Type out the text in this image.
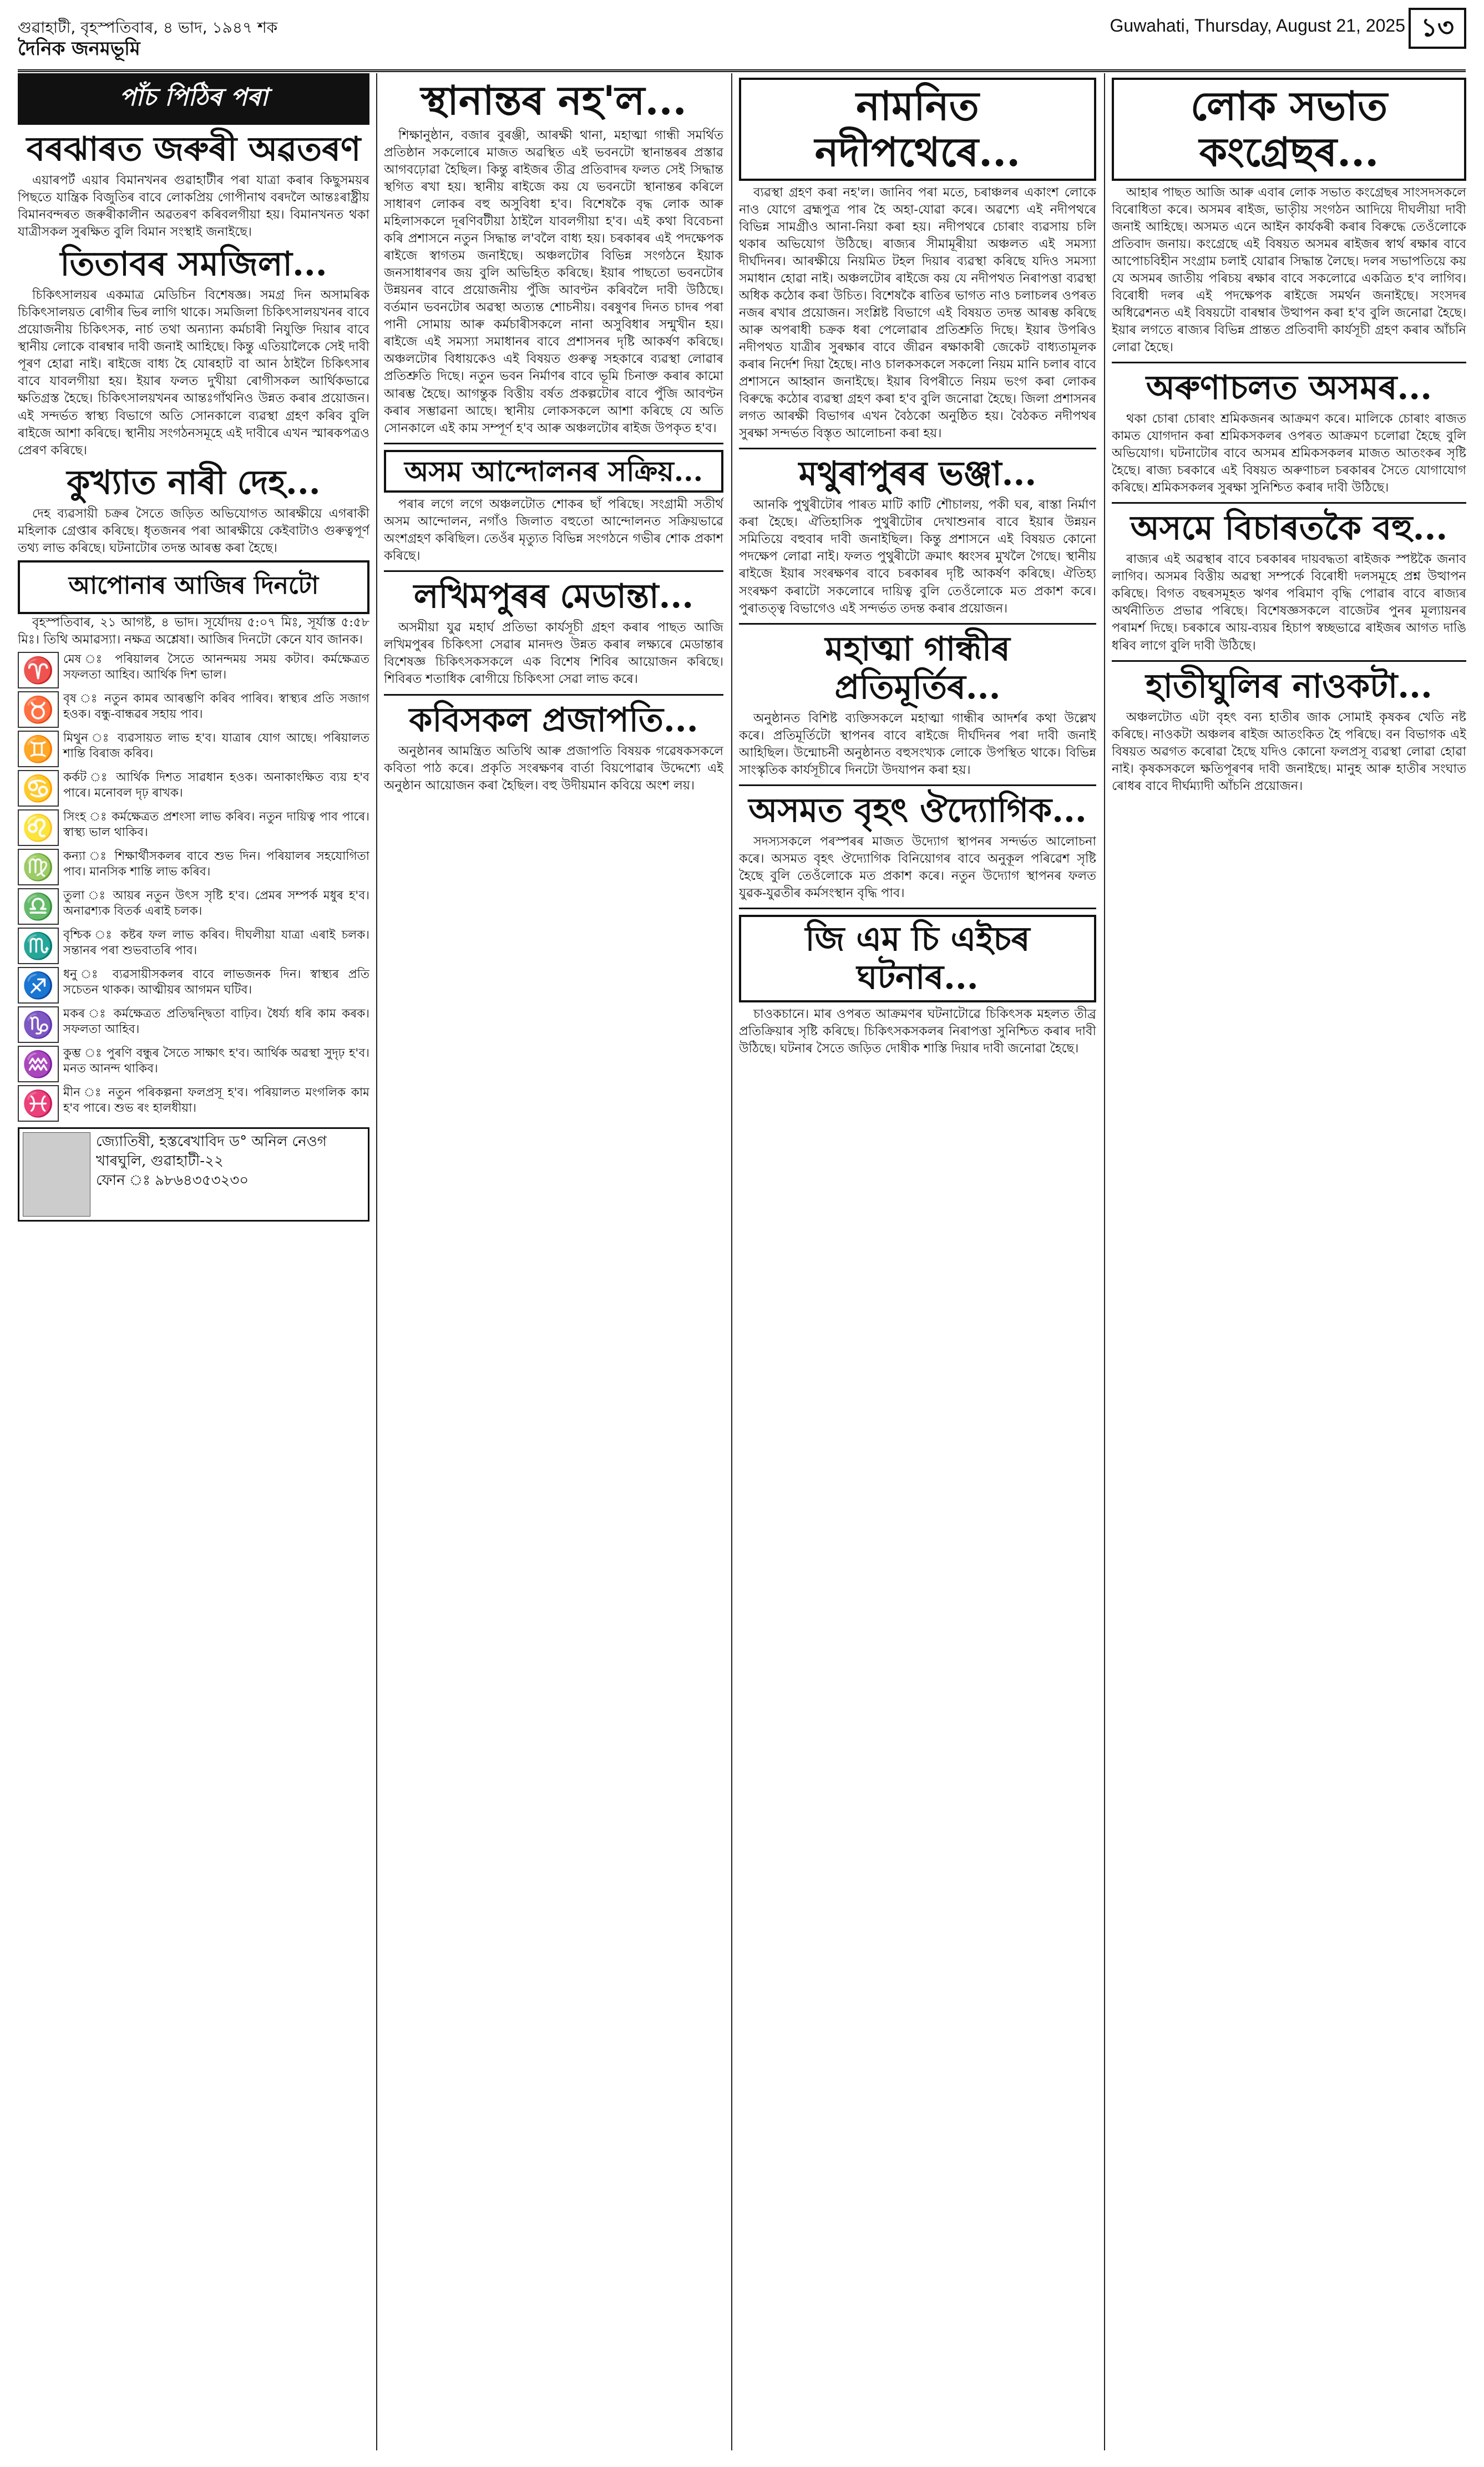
গুৱাহাটী, বৃহস্পতিবাৰ, ৪ ভাদ, ১৯৪৭ শক	Guwahati, Thursday, August 21, 2025 ১৩
দৈনিক জনমভূমি
পাঁচ পিঠিৰ পৰা
বৰঝাৰত জৰুৰী অৱতৰণ

এয়াৰপৰ্ট এয়াৰ বিমানখনৰ গুৱাহাটীৰ পৰা যাত্ৰা কৰাৰ কিছুসময়ৰ পিছতে যান্ত্ৰিক বিজুতিৰ বাবে লোকপ্ৰিয় গোপীনাথ বৰদলৈ আন্তঃৰাষ্ট্ৰীয় বিমানবন্দৰত জৰুৰীকালীন অৱতৰণ কৰিবলগীয়া হয়। বিমানখনত থকা যাত্ৰীসকল সুৰক্ষিত বুলি বিমান সংস্থাই জনাইছে।

তিতাবৰ সমজিলা...

চিকিৎসালয়ৰ একমাত্ৰ মেডিচিন বিশেষজ্ঞ। সমগ্ৰ দিন অসামৰিক চিকিৎসালয়ত ৰোগীৰ ভিৰ লাগি থাকে। সমজিলা চিকিৎসালয়খনৰ বাবে প্ৰয়োজনীয় চিকিৎসক, নাৰ্চ তথা অন্যান্য কৰ্মচাৰী নিযুক্তি দিয়াৰ বাবে স্থানীয় লোকে বাৰম্বাৰ দাবী জনাই আহিছে। কিন্তু এতিয়ালৈকে সেই দাবী পূৰণ হোৱা নাই। ৰাইজে বাধ্য হৈ যোৰহাট বা আন ঠাইলৈ চিকিৎসাৰ বাবে যাবলগীয়া হয়। ইয়াৰ ফলত দুখীয়া ৰোগীসকল আৰ্থিকভাৱে ক্ষতিগ্ৰস্ত হৈছে। চিকিৎসালয়খনৰ আন্তঃগাঁথনিও উন্নত কৰাৰ প্ৰয়োজন। এই সন্দৰ্ভত স্বাস্থ্য বিভাগে অতি সোনকালে ব্যৱস্থা গ্ৰহণ কৰিব বুলি ৰাইজে আশা কৰিছে। স্থানীয় সংগঠনসমূহে এই দাবীৰে এখন স্মাৰকপত্ৰও প্ৰেৰণ কৰিছে।

কুখ্যাত নাৰী দেহ...

দেহ ব্যৱসায়ী চক্ৰৰ সৈতে জড়িত অভিযোগত আৰক্ষীয়ে এগৰাকী মহিলাক গ্ৰেপ্তাৰ কৰিছে। ধৃতজনৰ পৰা আৰক্ষীয়ে কেইবাটাও গুৰুত্বপূৰ্ণ তথ্য লাভ কৰিছে। ঘটনাটোৰ তদন্ত আৰম্ভ কৰা হৈছে।

আপোনাৰ আজিৰ দিনটো

বৃহস্পতিবাৰ, ২১ আগষ্ট, ৪ ভাদ। সূৰ্যোদয় ৫:০৭ মিঃ, সূৰ্যাস্ত ৫:৫৮ মিঃ। তিথি অমাৱস্যা। নক্ষত্ৰ অশ্লেষা। আজিৰ দিনটো কেনে যাব জানক।

♈ মেষ ঃ পৰিয়ালৰ সৈতে আনন্দময় সময় কটাব। কৰ্মক্ষেত্ৰত সফলতা আহিব। আৰ্থিক দিশ ভাল।
♉ বৃষ ঃ নতুন কামৰ আৰম্ভণি কৰিব পাৰিব। স্বাস্থ্যৰ প্ৰতি সজাগ হওক। বন্ধু-বান্ধৱৰ সহায় পাব।
♊ মিথুন ঃ ব্যৱসায়ত লাভ হ'ব। যাত্ৰাৰ যোগ আছে। পৰিয়ালত শান্তি বিৰাজ কৰিব।
♋ কৰ্কট ঃ আৰ্থিক দিশত সাৱধান হওক। অনাকাংক্ষিত ব্যয় হ'ব পাৰে। মনোবল দৃঢ় ৰাখক।
♌ সিংহ ঃ কৰ্মক্ষেত্ৰত প্ৰশংসা লাভ কৰিব। নতুন দায়িত্ব পাব পাৰে। স্বাস্থ্য ভাল থাকিব।
♍ কন্যা ঃ শিক্ষাৰ্থীসকলৰ বাবে শুভ দিন। পৰিয়ালৰ সহযোগিতা পাব। মানসিক শান্তি লাভ কৰিব।
♎ তুলা ঃ আয়ৰ নতুন উৎস সৃষ্টি হ'ব। প্ৰেমৰ সম্পৰ্ক মধুৰ হ'ব। অনাৱশ্যক বিতৰ্ক এৰাই চলক।
♏ বৃশ্চিক ঃ কষ্টৰ ফল লাভ কৰিব। দীঘলীয়া যাত্ৰা এৰাই চলক। সন্তানৰ পৰা শুভবাতৰি পাব।
♐ ধনু ঃ ব্যৱসায়ীসকলৰ বাবে লাভজনক দিন। স্বাস্থ্যৰ প্ৰতি সচেতন থাকক। আত্মীয়ৰ আগমন ঘটিব।
♑ মকৰ ঃ কৰ্মক্ষেত্ৰত প্ৰতিদ্বন্দ্বিতা বাঢ়িব। ধৈৰ্য্য ধৰি কাম কৰক। সফলতা আহিব।
♒ কুম্ভ ঃ পুৰণি বন্ধুৰ সৈতে সাক্ষাৎ হ'ব। আৰ্থিক অৱস্থা সুদৃঢ় হ'ব। মনত আনন্দ থাকিব।
♓ মীন ঃ নতুন পৰিকল্পনা ফলপ্ৰসূ হ'ব। পৰিয়ালত মংগলিক কাম হ'ব পাৰে। শুভ ৰং হালধীয়া।
জ্যোতিষী, হস্তৰেখাবিদ ড° অনিল নেওগ
খাৰঘুলি, গুৱাহাটী-২২
ফোন ঃ ৯৮৬৪৩৫৩২৩০
স্থানান্তৰ নহ'ল...

শিক্ষানুষ্ঠান, বজাৰ বুৰঞ্জী, আৰক্ষী থানা, মহাত্মা গান্ধী সমৰ্থিত প্ৰতিষ্ঠান সকলোৰে মাজত অৱস্থিত এই ভবনটো স্থানান্তৰৰ প্ৰস্তাৱ আগবঢ়োৱা হৈছিল। কিন্তু ৰাইজৰ তীব্ৰ প্ৰতিবাদৰ ফলত সেই সিদ্ধান্ত স্থগিত ৰখা হয়। স্থানীয় ৰাইজে কয় যে ভবনটো স্থানান্তৰ কৰিলে সাধাৰণ লোকৰ বহু অসুবিধা হ'ব। বিশেষকৈ বৃদ্ধ লোক আৰু মহিলাসকলে দূৰণিবটীয়া ঠাইলৈ যাবলগীয়া হ'ব। এই কথা বিবেচনা কৰি প্ৰশাসনে নতুন সিদ্ধান্ত ল'বলৈ বাধ্য হয়। চৰকাৰৰ এই পদক্ষেপক ৰাইজে স্বাগতম জনাইছে। অঞ্চলটোৰ বিভিন্ন সংগঠনে ইয়াক জনসাধাৰণৰ জয় বুলি অভিহিত কৰিছে। ইয়াৰ পাছতো ভবনটোৰ উন্নয়নৰ বাবে প্ৰয়োজনীয় পুঁজি আবণ্টন কৰিবলৈ দাবী উঠিছে। বৰ্তমান ভবনটোৰ অৱস্থা অত্যন্ত শোচনীয়। বৰষুণৰ দিনত চাদৰ পৰা পানী সোমায় আৰু কৰ্মচাৰীসকলে নানা অসুবিধাৰ সন্মুখীন হয়। ৰাইজে এই সমস্যা সমাধানৰ বাবে প্ৰশাসনৰ দৃষ্টি আকৰ্ষণ কৰিছে। অঞ্চলটোৰ বিধায়কেও এই বিষয়ত গুৰুত্ব সহকাৰে ব্যৱস্থা লোৱাৰ প্ৰতিশ্ৰুতি দিছে। নতুন ভবন নিৰ্মাণৰ বাবে ভূমি চিনাক্ত কৰাৰ কামো আৰম্ভ হৈছে। আগন্তুক বিত্তীয় বৰ্ষত প্ৰকল্পটোৰ বাবে পুঁজি আবণ্টন কৰাৰ সম্ভাৱনা আছে। স্থানীয় লোকসকলে আশা কৰিছে যে অতি সোনকালে এই কাম সম্পূৰ্ণ হ'ব আৰু অঞ্চলটোৰ ৰাইজ উপকৃত হ'ব।

অসম আন্দোলনৰ সক্ৰিয়...

পৰাৰ লগে লগে অঞ্চলটোত শোকৰ ছাঁ পৰিছে। সংগ্ৰামী সতীৰ্থ অসম আন্দোলন, নগাঁও জিলাত বহুতো আন্দোলনত সক্ৰিয়ভাৱে অংশগ্ৰহণ কৰিছিল। তেওঁৰ মৃত্যুত বিভিন্ন সংগঠনে গভীৰ শোক প্ৰকাশ কৰিছে।

লখিমপুৰৰ মেডান্তা...

অসমীয়া যুৱ মহাৰ্ঘ প্ৰতিভা কাৰ্যসূচী গ্ৰহণ কৰাৰ পাছত আজি লখিমপুৰৰ চিকিৎসা সেৱাৰ মানদণ্ড উন্নত কৰাৰ লক্ষ্যৰে মেডান্তাৰ বিশেষজ্ঞ চিকিৎসকসকলে এক বিশেষ শিবিৰ আয়োজন কৰিছে। শিবিৰত শতাধিক ৰোগীয়ে চিকিৎসা সেৱা লাভ কৰে।

কবিসকল প্ৰজাপতি...

অনুষ্ঠানৰ আমন্ত্ৰিত অতিথি আৰু প্ৰজাপতি বিষয়ক গৱেষকসকলে কবিতা পাঠ কৰে। প্ৰকৃতি সংৰক্ষণৰ বাৰ্তা বিয়পোৱাৰ উদ্দেশ্যে এই অনুষ্ঠান আয়োজন কৰা হৈছিল। বহু উদীয়মান কবিয়ে অংশ লয়।

নামনিত নদীপথেৰে...

ব্যৱস্থা গ্ৰহণ কৰা নহ'ল। জানিব পৰা মতে, চৰাঞ্চলৰ একাংশ লোকে নাও যোগে ব্ৰহ্মপুত্ৰ পাৰ হৈ অহা-যোৱা কৰে। অৱশ্যে এই নদীপথৰে বিভিন্ন সামগ্ৰীও আনা-নিয়া কৰা হয়। নদীপথৰে চোৰাং ব্যৱসায় চলি থকাৰ অভিযোগ উঠিছে। ৰাজ্যৰ সীমামূৰীয়া অঞ্চলত এই সমস্যা দীৰ্ঘদিনৰ। আৰক্ষীয়ে নিয়মিত টহল দিয়াৰ ব্যৱস্থা কৰিছে যদিও সমস্যা সমাধান হোৱা নাই। অঞ্চলটোৰ ৰাইজে কয় যে নদীপথত নিৰাপত্তা ব্যৱস্থা অধিক কঠোৰ কৰা উচিত। বিশেষকৈ ৰাতিৰ ভাগত নাও চলাচলৰ ওপৰত নজৰ ৰখাৰ প্ৰয়োজন। সংশ্লিষ্ট বিভাগে এই বিষয়ত তদন্ত আৰম্ভ কৰিছে আৰু অপৰাধী চক্ৰক ধৰা পেলোৱাৰ প্ৰতিশ্ৰুতি দিছে। ইয়াৰ উপৰিও নদীপথত যাত্ৰীৰ সুৰক্ষাৰ বাবে জীৱন ৰক্ষাকাৰী জেকেট বাধ্যতামূলক কৰাৰ নিৰ্দেশ দিয়া হৈছে। নাও চালকসকলে সকলো নিয়ম মানি চলাৰ বাবে প্ৰশাসনে আহ্বান জনাইছে। ইয়াৰ বিপৰীতে নিয়ম ভংগ কৰা লোকৰ বিৰুদ্ধে কঠোৰ ব্যৱস্থা গ্ৰহণ কৰা হ'ব বুলি জনোৱা হৈছে। জিলা প্ৰশাসনৰ লগত আৰক্ষী বিভাগৰ এখন বৈঠকো অনুষ্ঠিত হয়। বৈঠকত নদীপথৰ সুৰক্ষা সন্দৰ্ভত বিস্তৃত আলোচনা কৰা হয়।

মথুৰাপুৰৰ ভঞ্জা...

আনকি পুথুৰীটোৰ পাৰত মাটি কাটি শৌচালয়, পকী ঘৰ, ৰাস্তা নিৰ্মাণ কৰা হৈছে। ঐতিহাসিক পুথুৰীটোৰ দেখাশুনাৰ বাবে ইয়াৰ উন্নয়ন সমিতিয়ে বহুবাৰ দাবী জনাইছিল। কিন্তু প্ৰশাসনে এই বিষয়ত কোনো পদক্ষেপ লোৱা নাই। ফলত পুথুৰীটো ক্ৰমাৎ ধ্বংসৰ মুখলৈ গৈছে। স্থানীয় ৰাইজে ইয়াৰ সংৰক্ষণৰ বাবে চৰকাৰৰ দৃষ্টি আকৰ্ষণ কৰিছে। ঐতিহ্য সংৰক্ষণ কৰাটো সকলোৰে দায়িত্ব বুলি তেওঁলোকে মত প্ৰকাশ কৰে। পুৰাতত্ত্ব বিভাগেও এই সন্দৰ্ভত তদন্ত কৰাৰ প্ৰয়োজন।

মহাত্মা গান্ধীৰ প্ৰতিমূৰ্তিৰ...

অনুষ্ঠানত বিশিষ্ট ব্যক্তিসকলে মহাত্মা গান্ধীৰ আদৰ্শৰ কথা উল্লেখ কৰে। প্ৰতিমূৰ্তিটো স্থাপনৰ বাবে ৰাইজে দীৰ্ঘদিনৰ পৰা দাবী জনাই আহিছিল। উন্মোচনী অনুষ্ঠানত বহুসংখ্যক লোকে উপস্থিত থাকে। বিভিন্ন সাংস্কৃতিক কাৰ্যসূচীৰে দিনটো উদযাপন কৰা হয়।

অসমত বৃহৎ ঔদ্যোগিক...

সদস্যসকলে পৰস্পৰৰ মাজত উদ্যোগ স্থাপনৰ সন্দৰ্ভত আলোচনা কৰে। অসমত বৃহৎ ঔদ্যোগিক বিনিয়োগৰ বাবে অনুকূল পৰিৱেশ সৃষ্টি হৈছে বুলি তেওঁলোকে মত প্ৰকাশ কৰে। নতুন উদ্যোগ স্থাপনৰ ফলত যুৱক-যুৱতীৰ কৰ্মসংস্থান বৃদ্ধি পাব।

জি এম চি এইচৰ ঘটনাৰ...

চাওকচানে। মাৰ ওপৰত আক্ৰমণৰ ঘটনাটোৱে চিকিৎসক মহলত তীব্ৰ প্ৰতিক্ৰিয়াৰ সৃষ্টি কৰিছে। চিকিৎসকসকলৰ নিৰাপত্তা সুনিশ্চিত কৰাৰ দাবী উঠিছে। ঘটনাৰ সৈতে জড়িত দোষীক শাস্তি দিয়াৰ দাবী জনোৱা হৈছে।

লোক সভাত কংগ্ৰেছৰ...

আহাৰ পাছত আজি আৰু এবাৰ লোক সভাত কংগ্ৰেছৰ সাংসদসকলে বিৰোধিতা কৰে। অসমৰ ৰাইজ, ভাতৃীয় সংগঠন আদিয়ে দীঘলীয়া দাবী জনাই আহিছে। অসমত এনে আইন কাৰ্যকৰী কৰাৰ বিৰুদ্ধে তেওঁলোকে প্ৰতিবাদ জনায়। কংগ্ৰেছে এই বিষয়ত অসমৰ ৰাইজৰ স্বাৰ্থ ৰক্ষাৰ বাবে আপোচবিহীন সংগ্ৰাম চলাই যোৱাৰ সিদ্ধান্ত লৈছে। দলৰ সভাপতিয়ে কয় যে অসমৰ জাতীয় পৰিচয় ৰক্ষাৰ বাবে সকলোৱে একত্ৰিত হ'ব লাগিব। বিৰোধী দলৰ এই পদক্ষেপক ৰাইজে সমৰ্থন জনাইছে। সংসদৰ অধিৱেশনত এই বিষয়টো বাৰম্বাৰ উত্থাপন কৰা হ'ব বুলি জনোৱা হৈছে। ইয়াৰ লগতে ৰাজ্যৰ বিভিন্ন প্ৰান্তত প্ৰতিবাদী কাৰ্যসূচী গ্ৰহণ কৰাৰ আঁচনি লোৱা হৈছে।

অৰুণাচলত অসমৰ...

থকা চোৰা চোৰাং শ্ৰমিকজনৰ আক্ৰমণ কৰে। মালিকে চোৰাং ৰাজত কামত যোগদান কৰা শ্ৰমিকসকলৰ ওপৰত আক্ৰমণ চলোৱা হৈছে বুলি অভিযোগ। ঘটনাটোৰ বাবে অসমৰ শ্ৰমিকসকলৰ মাজত আতংকৰ সৃষ্টি হৈছে। ৰাজ্য চৰকাৰে এই বিষয়ত অৰুণাচল চৰকাৰৰ সৈতে যোগাযোগ কৰিছে। শ্ৰমিকসকলৰ সুৰক্ষা সুনিশ্চিত কৰাৰ দাবী উঠিছে।

অসমে বিচাৰতকৈ বহু...

ৰাজ্যৰ এই অৱস্থাৰ বাবে চৰকাৰৰ দায়বদ্ধতা ৰাইজক স্পষ্টকৈ জনাব লাগিব। অসমৰ বিত্তীয় অৱস্থা সম্পৰ্কে বিৰোধী দলসমূহে প্ৰশ্ন উত্থাপন কৰিছে। বিগত বছৰসমূহত ঋণৰ পৰিমাণ বৃদ্ধি পোৱাৰ বাবে ৰাজ্যৰ অৰ্থনীতিত প্ৰভাৱ পৰিছে। বিশেষজ্ঞসকলে বাজেটৰ পুনৰ মূল্যায়নৰ পৰামৰ্শ দিছে। চৰকাৰে আয়-ব্যয়ৰ হিচাপ স্বচ্ছভাৱে ৰাইজৰ আগত দাঙি ধৰিব লাগে বুলি দাবী উঠিছে।

হাতীঘুলিৰ নাওকটা...

অঞ্চলটোত এটা বৃহৎ বন্য হাতীৰ জাক সোমাই কৃষকৰ খেতি নষ্ট কৰিছে। নাওকটা অঞ্চলৰ ৰাইজ আতংকিত হৈ পৰিছে। বন বিভাগক এই বিষয়ত অৱগত কৰোৱা হৈছে যদিও কোনো ফলপ্ৰসূ ব্যৱস্থা লোৱা হোৱা নাই। কৃষকসকলে ক্ষতিপূৰণৰ দাবী জনাইছে। মানুহ আৰু হাতীৰ সংঘাত ৰোধৰ বাবে দীৰ্ঘম্যাদী আঁচনি প্ৰয়োজন।
